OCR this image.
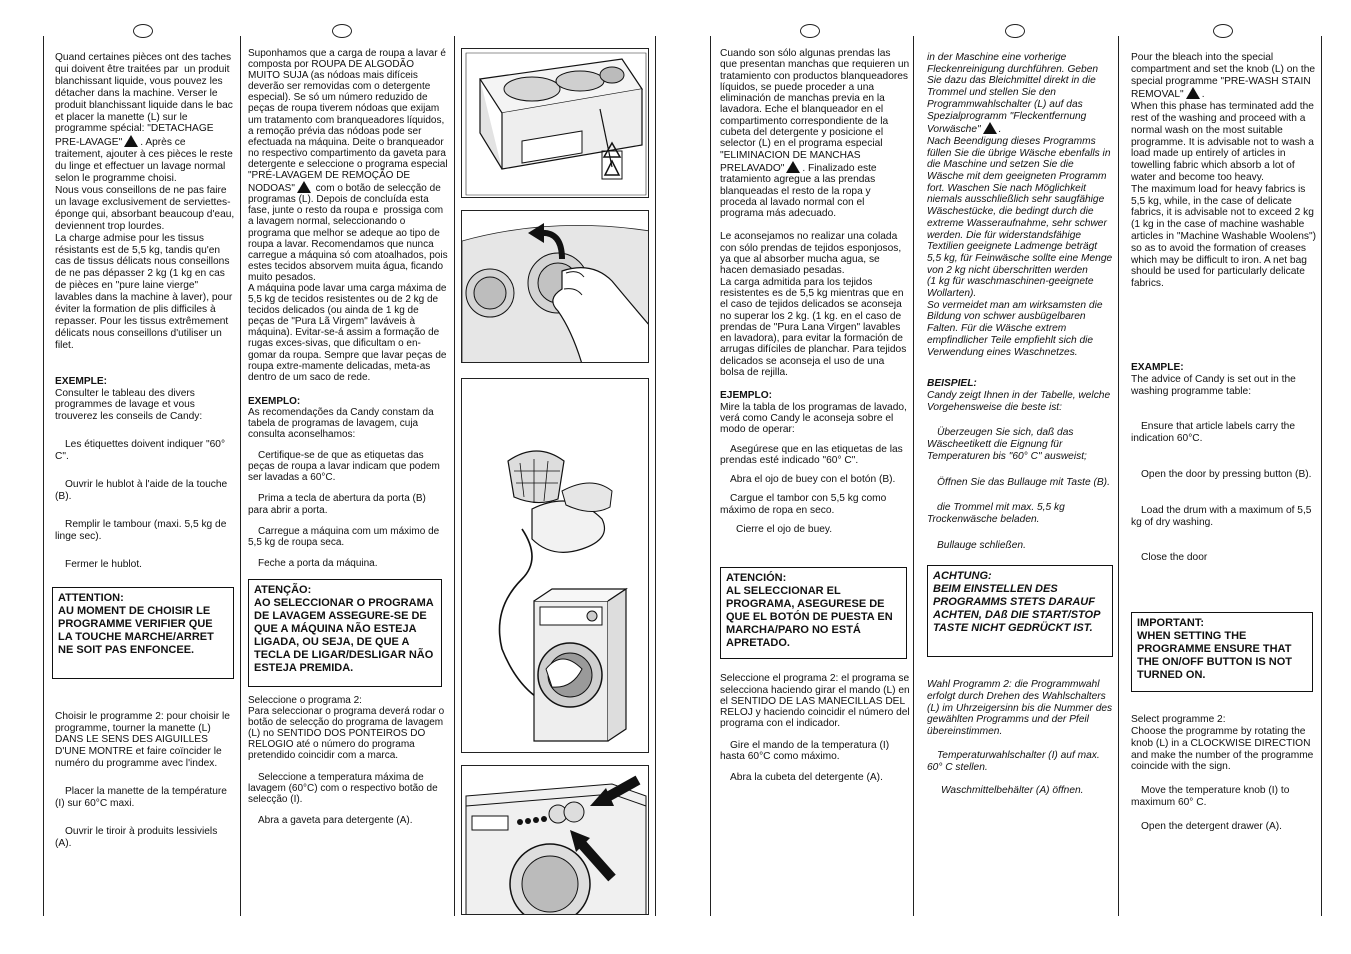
Quand certaines pièces ont des taches qui doivent être traitées par  un produit blanchissant liquide, vous pouvez les détacher dans la machine. Verser le produit blanchissant liquide dans le bac et placer la manette (L) sur le programme spécial: "DETACHAGE PRE-LAVAGE" . Après ce traitement, ajouter à ces pièces le reste du linge et effectuer un lavage normal selon le programme choisi.

Nous vous conseillons de ne pas faire un lavage exclusivement de serviettes-éponge qui, absorbant beaucoup d'eau, deviennent trop lourdes.

La charge admise pour les tissus résistants est de 5,5 kg, tandis qu'en cas de tissus délicats nous conseillons de ne pas dépasser 2 kg (1 kg en cas de pièces en "pure laine vierge" lavables dans la machine à laver), pour éviter la formation de plis difficiles à repasser. Pour les tissus extrêmement délicats nous conseillons d'utiliser un  filet.

EXEMPLE:

Consulter le tableau des divers programmes de lavage et vous trouverez les conseils de Candy:

Les étiquettes doivent indiquer "60° C".

Ouvrir le hublot à l'aide de la touche (B).

Remplir le tambour (maxi. 5,5 kg de linge sec).

Fermer le hublot.

ATTENTION:
AU MOMENT DE CHOISIR LE PROGRAMME VERIFIER QUE LA TOUCHE MARCHE/ARRET NE SOIT PAS ENFONCEE.

Choisir le programme 2: pour choisir le programme, tourner la manette (L) DANS LE SENS DES AIGUILLES D'UNE MONTRE et faire coïncider le numéro du programme avec l'index.

Placer la manette de la température (I) sur 60°C maxi.

Ouvrir le tiroir à produits lessiviels (A).

Suponhamos que a carga de roupa a lavar é composta por ROUPA DE ALGODÃO MUITO SUJA (as nódoas mais difíceis deverão ser removidas com o detergente especial). Se só um número reduzido de peças de roupa tiverem nódoas que exijam um tratamento com branqueadores líquidos, a remoção prévia das nódoas pode ser efectuada na máquina. Deite o branqueador no respectivo compartimento da gaveta para detergente e seleccione o programa especial  "PRÉ-LAVAGEM DE REMOÇÃO DE NODOAS" com o botão de selecção de programas (L). Depois de concluída esta fase, junte o resto da roupa e  prossiga com a lavagem normal, seleccionando o programa que melhor se adeque ao tipo de roupa a lavar. Recomendamos que nunca carregue a máquina só com atoalhados, pois estes tecidos absorvem muita água, ficando muito pesados.

A máquina pode lavar uma carga máxima de 5,5 kg de tecidos resistentes ou de 2 kg de tecidos delicados (ou ainda de 1 kg de peças de "Pura Lã Virgem" laváveis à máquina). Evitar-se-á assim a formação de rugas exces-sivas, que dificultam o en-gomar da roupa. Sempre que lavar peças de roupa extre-mamente delicadas, meta-as dentro de um saco de rede.

EXEMPLO:

As recomendações da Candy constam da tabela de programas de lavagem, cuja consulta aconselhamos:

Certifique-se de que as etiquetas das peças de roupa a lavar indicam que podem ser lavadas a 60°C.

Prima a tecla de abertura da porta (B) para abrir a porta.

Carregue a máquina com um máximo de 5,5 kg de roupa seca.

Feche a porta da máquina.

ATENÇÃO:
AO SELECCIONAR O PROGRAMA DE LAVAGEM ASSEGURE-SE DE QUE A MÁQUINA NÃO ESTEJA LIGADA, OU SEJA, DE QUE A TECLA DE LIGAR/DESLIGAR NÃO ESTEJA PREMIDA.

Seleccione o programa 2:
Para seleccionar o programa deverá rodar o botão de selecção do programa de lavagem (L) no SENTIDO DOS PONTEIROS DO RELOGIO até o número do programa pretendido coincidir com a marca.

Seleccione a temperatura máxima de lavagem (60°C) com o respectivo botão de selecção (I).

Abra a gaveta para detergente (A).

Cuando son sólo algunas prendas las que presentan manchas que requieren un tratamiento con productos blanqueadores líquidos, se puede proceder a una eliminación de manchas previa en la lavadora. Eche el blanqueador en el compartimento correspondiente de la cubeta del detergente y posicione el selector (L) en el programa especial "ELIMINACION DE MANCHAS PRELAVADO" . Finalizado este tratamiento agregue a las prendas blanqueadas el resto de la ropa y proceda al lavado normal con el programa más adecuado.

Le aconsejamos no realizar una colada con sólo prendas de tejidos esponjosos, ya que al absorber mucha agua, se hacen demasiado pesadas.

La carga admitida para los tejidos resistentes es de 5,5 kg mientras que en el caso de tejidos delicados se aconseja no superar los 2 kg. (1 kg. en el caso de prendas de "Pura Lana Virgen" lavables en lavadora), para evitar la formación de arrugas difíciles de planchar. Para tejidos delicados se aconseja el uso de una bolsa de rejilla.

EJEMPLO:

Mire la tabla de los programas de lavado, verá como Candy le aconseja sobre el modo de operar:

Asegúrese que en las etiquetas de las prendas esté indicado "60° C".

Abra el ojo de buey con el botón (B).

Cargue el tambor con 5,5 kg como máximo de ropa en seco.

Cierre el ojo de buey.

ATENCIÓN:
AL SELECCIONAR EL PROGRAMA, ASEGURESE DE QUE EL BOTÓN DE PUESTA EN MARCHA/PARO NO ESTÁ APRETADO.

Seleccione el programa 2: el programa se selecciona haciendo girar el mando (L) en el SENTIDO DE LAS MANECILLAS DEL RELOJ y haciendo coincidir el número del programa con el indicador.

Gire el mando de la temperatura (I) hasta 60°C como máximo.

Abra la cubeta del detergente (A).

in der Maschine eine vorherige Fleckenreinigung durchführen. Geben Sie dazu das Bleichmittel direkt in die Trommel und stellen Sie den Programmwahlschalter (L) auf das Spezialprogramm "Fleckentfernung Vorwäsche" .
Nach Beendigung dieses Programms füllen Sie die übrige Wäsche ebenfalls in die Maschine und setzen Sie die Wäsche mit dem geeigneten Programm fort. Waschen Sie nach Möglichkeit niemals ausschließlich sehr saugfähige Wäschestücke, die bedingt durch die extreme Wasseraufnahme, sehr schwer werden. Die für widerstandsfähige Textilien geeignete Ladmenge beträgt 5,5 kg, für Feinwäsche sollte eine Menge von 2 kg nicht überschritten werden
(1 kg für waschmaschinen-geeignete Wollarten).
So vermeidet man am wirksamsten die Bildung von schwer ausbügelbaren Falten. Für die Wäsche extrem empfindlicher Teile empfiehlt sich die Verwendung eines Waschnetzes.

BEISPIEL:

Candy zeigt Ihnen in der Tabelle, welche Vorgehensweise die beste ist:

Überzeugen Sie sich, daß das Wäscheetikett die Eignung für Temperaturen bis "60° C" ausweist;

Öffnen Sie das Bullauge mit Taste (B).

die Trommel mit max. 5,5 kg Trockenwäsche beladen.

Bullauge schließen.

ACHTUNG:
BEIM EINSTELLEN DES PROGRAMMS STETS DARAUF ACHTEN, DAß DIE START/STOP TASTE NICHT GEDRÜCKT IST.

Wahl Programm 2: die Programmwahl erfolgt durch Drehen des Wahlschalters (L) im Uhrzeigersinn bis die Nummer des gewählten Programms und der Pfeil übereinstimmen.

Temperaturwahlschalter (I) auf max. 60° C stellen.

Waschmittelbehälter (A) öffnen.

Pour the bleach into the special compartment and set the knob (L) on the special programme "PRE-WASH STAIN REMOVAL" .
When this phase has terminated add the rest of the washing and proceed with a normal wash on the most suitable programme. It is advisable not to wash a load made up entirely of articles in towelling fabric which absorb a lot of water and become too heavy.
The maximum load for heavy fabrics is 5,5 kg, while, in the case of delicate fabrics, it is advisable not to exceed 2 kg (1 kg in the case of machine washable articles in "Machine Washable Woolens") so as to avoid the formation of creases which may be difficult to iron. A net bag should be used for particularly delicate fabrics.

EXAMPLE:

The advice of Candy is set out in the washing programme table:

Ensure that article labels carry the indication 60°C.

Open the door by pressing button (B).

Load the drum with a maximum of 5,5 kg of dry washing.

Close the door

IMPORTANT:
WHEN SETTING THE PROGRAMME ENSURE THAT THE ON/OFF BUTTON IS NOT TURNED ON.

Select programme 2:
Choose the programme by rotating the knob (L) in a CLOCKWISE DIRECTION and make the number of the programme coincide with the sign.

Move the temperature knob (I) to maximum 60° C.

Open the detergent drawer (A).
